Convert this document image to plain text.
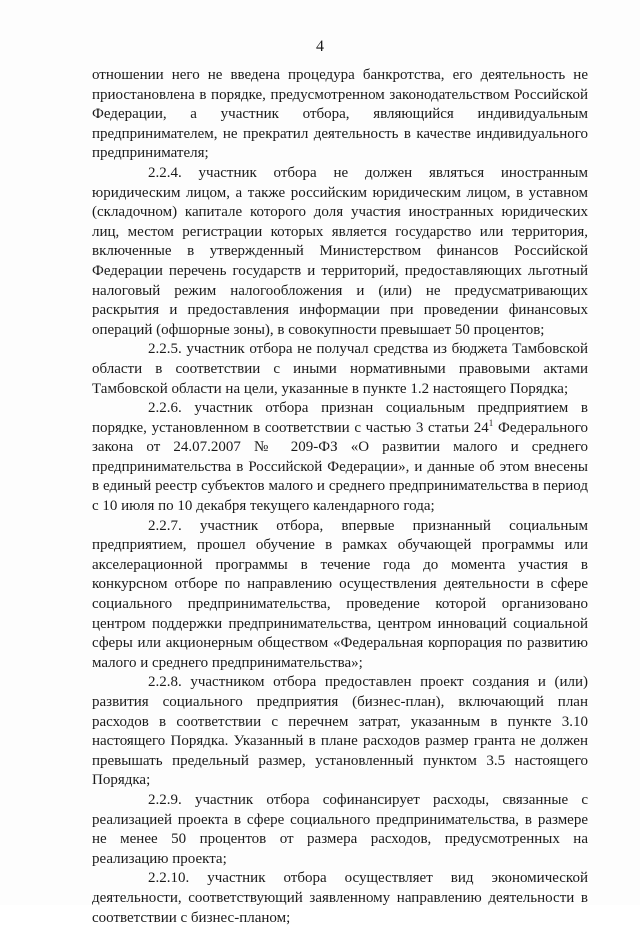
4

отношении него не введена процедура банкротства, его деятельность не приостановлена в порядке, предусмотренном законодательством Российской Федерации, а участник отбора, являющийся индивидуальным предпринимателем, не прекратил деятельность в качестве индивидуального предпринимателя;

2.2.4. участник отбора не должен являться иностранным юридическим лицом, а также российским юридическим лицом, в уставном (складочном) капитале которого доля участия иностранных юридических лиц, местом регистрации которых является государство или территория, включенные в утвержденный Министерством финансов Российской Федерации перечень государств и территорий, предоставляющих льготный налоговый режим налогообложения и (или) не предусматривающих раскрытия и предоставления информации при проведении финансовых операций (офшорные зоны), в совокупности превышает 50 процентов;

2.2.5. участник отбора не получал средства из бюджета Тамбовской области в соответствии с иными нормативными правовыми актами Тамбовской области на цели, указанные в пункте 1.2 настоящего Порядка;

2.2.6. участник отбора признан социальным предприятием в порядке, установленном в соответствии с частью 3 статьи $24^1$ Федерального закона от 24.07.2007 № 209-ФЗ «О развитии малого и среднего предпринимательства в Российской Федерации», и данные об этом внесены в единый реестр субъектов малого и среднего предпринимательства в период с 10 июля по 10 декабря текущего календарного года;

2.2.7. участник отбора, впервые признанный социальным предприятием, прошел обучение в рамках обучающей программы или акселерационной программы в течение года до момента участия в конкурсном отборе по направлению осуществления деятельности в сфере социального предпринимательства, проведение которой организовано центром поддержки предпринимательства, центром инноваций социальной сферы или акционерным обществом «Федеральная корпорация по развитию малого и среднего предпринимательства»;

2.2.8. участником отбора предоставлен проект создания и (или) развития социального предприятия (бизнес-план), включающий план расходов в соответствии с перечнем затрат, указанным в пункте 3.10 настоящего Порядка. Указанный в плане расходов размер гранта не должен превышать предельный размер, установленный пунктом 3.5 настоящего Порядка;

2.2.9. участник отбора софинансирует расходы, связанные с реализацией проекта в сфере социального предпринимательства, в размере не менее 50 процентов от размера расходов, предусмотренных на реализацию проекта;

2.2.10. участник отбора осуществляет вид экономической деятельности, соответствующий заявленному направлению деятельности в соответствии с бизнес-планом;
